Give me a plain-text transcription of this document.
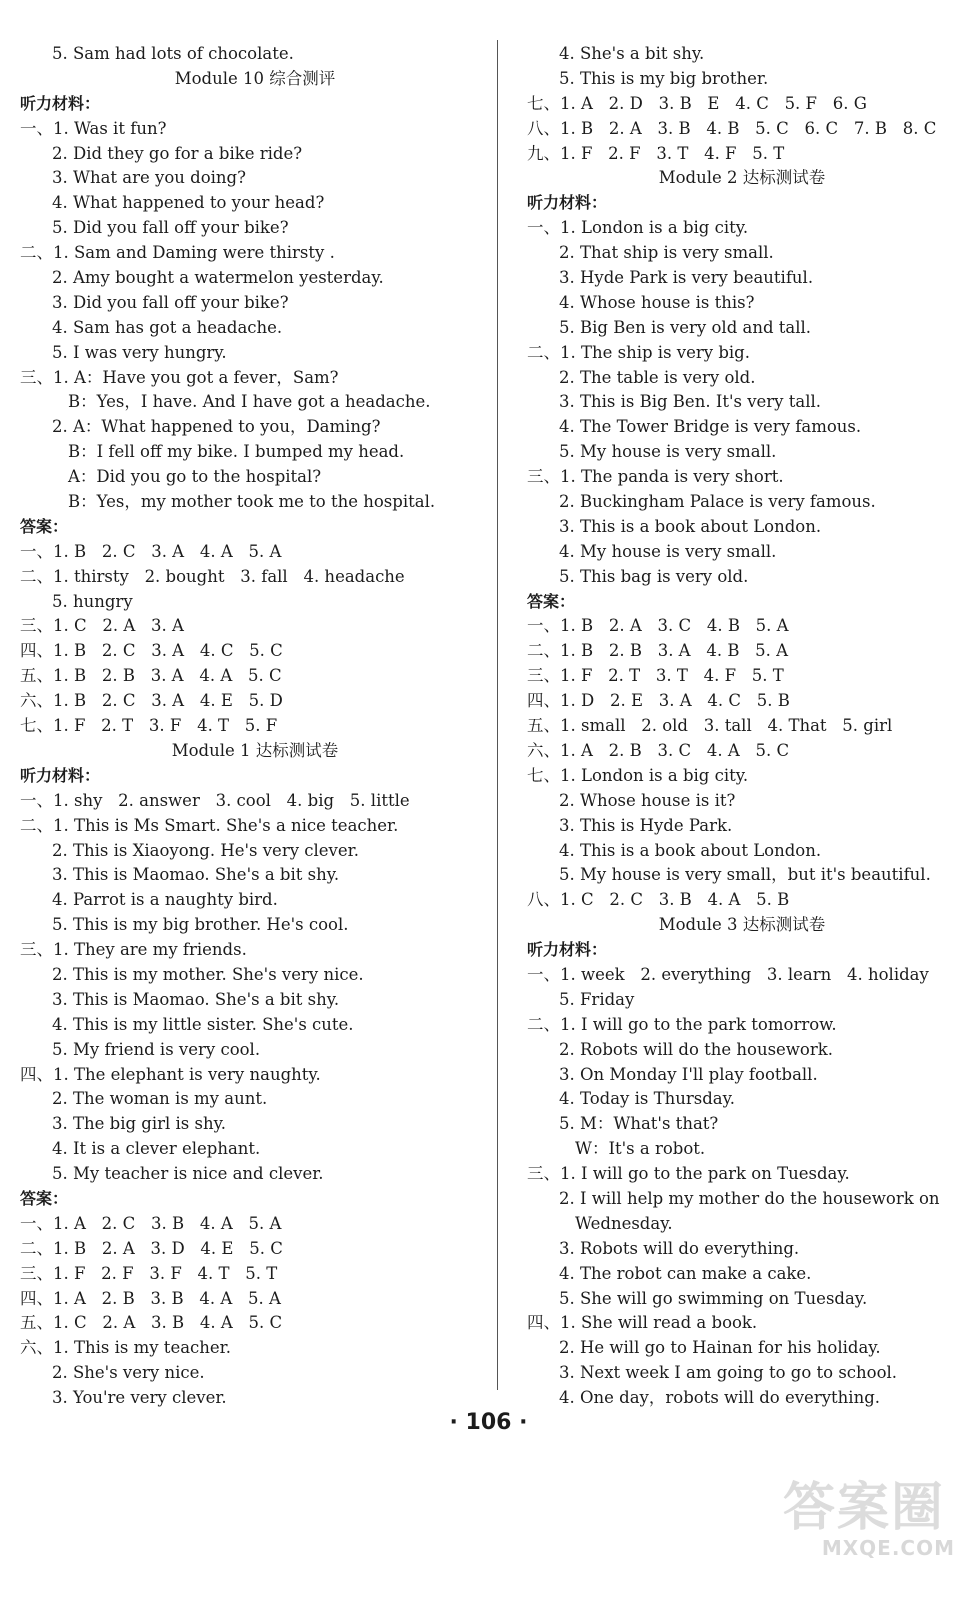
5. Sam had lots of chocolate.
Module 10 综合测评
听力材料：
一、1. Was it fun?
2. Did they go for a bike ride?
3. What are you doing?
4. What happened to your head?
5. Did you fall off your bike?
二、1. Sam and Daming were thirsty .
2. Amy bought a watermelon yesterday.
3. Did you fall off your bike?
4. Sam has got a headache.
5. I was very hungry.
三、1. A：Have you got a fever，Sam?
B：Yes，I have. And I have got a headache.
2. A：What happened to you，Daming?
B：I fell off my bike. I bumped my head.
A：Did you go to the hospital?
B：Yes，my mother took me to the hospital.
答案：
一、1. B   2. C   3. A   4. A   5. A
二、1. thirsty   2. bought   3. fall   4. headache
5. hungry
三、1. C   2. A   3. A
四、1. B   2. C   3. A   4. C   5. C
五、1. B   2. B   3. A   4. A   5. C
六、1. B   2. C   3. A   4. E   5. D
七、1. F   2. T   3. F   4. T   5. F
Module 1 达标测试卷
听力材料：
一、1. shy   2. answer   3. cool   4. big   5. little
二、1. This is Ms Smart. She's a nice teacher.
2. This is Xiaoyong. He's very clever.
3. This is Maomao. She's a bit shy.
4. Parrot is a naughty bird.
5. This is my big brother. He's cool.
三、1. They are my friends.
2. This is my mother. She's very nice.
3. This is Maomao. She's a bit shy.
4. This is my little sister. She's cute.
5. My friend is very cool.
四、1. The elephant is very naughty.
2. The woman is my aunt.
3. The big girl is shy.
4. It is a clever elephant.
5. My teacher is nice and clever.
答案：
一、1. A   2. C   3. B   4. A   5. A
二、1. B   2. A   3. D   4. E   5. C
三、1. F   2. F   3. F   4. T   5. T
四、1. A   2. B   3. B   4. A   5. A
五、1. C   2. A   3. B   4. A   5. C
六、1. This is my teacher.
2. She's very nice.
3. You're very clever.
4. She's a bit shy.
5. This is my big brother.
七、1. A   2. D   3. B   E   4. C   5. F   6. G
八、1. B   2. A   3. B   4. B   5. C   6. C   7. B   8. C
九、1. F   2. F   3. T   4. F   5. T
Module 2 达标测试卷
听力材料：
一、1. London is a big city.
2. That ship is very small.
3. Hyde Park is very beautiful.
4. Whose house is this?
5. Big Ben is very old and tall.
二、1. The ship is very big.
2. The table is very old.
3. This is Big Ben. It's very tall.
4. The Tower Bridge is very famous.
5. My house is very small.
三、1. The panda is very short.
2. Buckingham Palace is very famous.
3. This is a book about London.
4. My house is very small.
5. This bag is very old.
答案：
一、1. B   2. A   3. C   4. B   5. A
二、1. B   2. B   3. A   4. B   5. A
三、1. F   2. T   3. T   4. F   5. T
四、1. D   2. E   3. A   4. C   5. B
五、1. small   2. old   3. tall   4. That   5. girl
六、1. A   2. B   3. C   4. A   5. C
七、1. London is a big city.
2. Whose house is it?
3. This is Hyde Park.
4. This is a book about London.
5. My house is very small，but it's beautiful.
八、1. C   2. C   3. B   4. A   5. B
Module 3 达标测试卷
听力材料：
一、1. week   2. everything   3. learn   4. holiday
5. Friday
二、1. I will go to the park tomorrow.
2. Robots will do the housework.
3. On Monday I'll play football.
4. Today is Thursday.
5. M：What's that?
W：It's a robot.
三、1. I will go to the park on Tuesday.
2. I will help my mother do the housework on
Wednesday.
3. Robots will do everything.
4. The robot can make a cake.
5. She will go swimming on Tuesday.
四、1. She will read a book.
2. He will go to Hainan for his holiday.
3. Next week I am going to go to school.
4. One day，robots will do everything.
· 106 ·
答案圈
MXQE.COM
